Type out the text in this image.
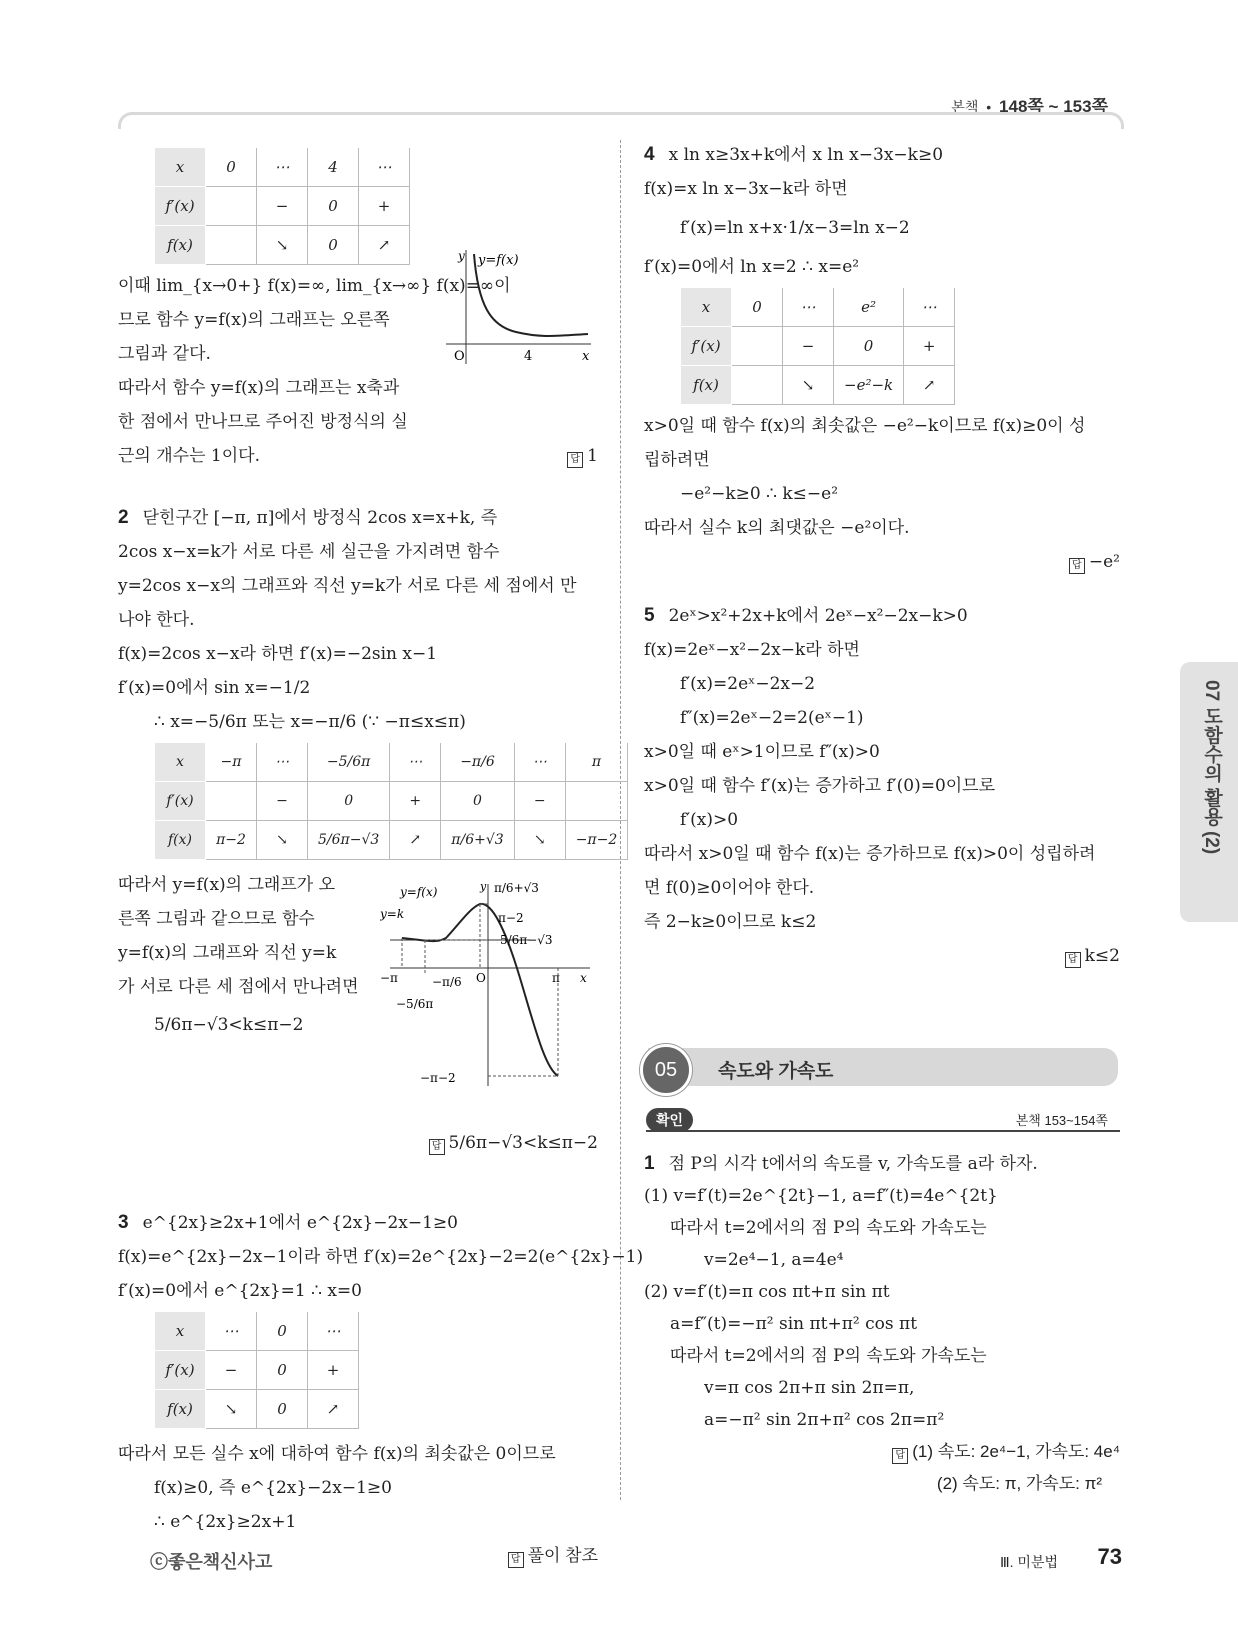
본책 • 148쪽 ~ 153쪽
x	0	⋯	4	⋯
f′(x)		−	0	+
f(x)		↘	0	↗

이때 lim_{x→0+} f(x)=∞, lim_{x→∞} f(x)=∞이

므로 함수 y=f(x)의 그래프는 오른쪽

그림과 같다.

따라서 함수 y=f(x)의 그래프는 x축과

한 점에서 만나므로 주어진 방정식의 실

근의 개수는 1이다.	답 1

2 닫힌구간 [−π, π]에서 방정식 2cos x=x+k, 즉

2cos x−x=k가 서로 다른 세 실근을 가지려면 함수

y=2cos x−x의 그래프와 직선 y=k가 서로 다른 세 점에서 만

나야 한다.

f(x)=2cos x−x라 하면 f′(x)=−2sin x−1

f′(x)=0에서 sin x=−1/2

∴ x=−5/6π 또는 x=−π/6 (∵ −π≤x≤π)

x	−π	⋯	−5/6π	⋯	−π/6	⋯	π
f′(x)		−	0	+	0	−	
f(x)	π−2	↘	5/6π−√3	↗	π/6+√3	↘	−π−2

따라서 y=f(x)의 그래프가 오

른쪽 그림과 같으므로 함수

y=f(x)의 그래프와 직선 y=k

가 서로 다른 세 점에서 만나려면

5/6π−√3<k≤π−2

답 5/6π−√3<k≤π−2

3 e^{2x}≥2x+1에서 e^{2x}−2x−1≥0

f(x)=e^{2x}−2x−1이라 하면 f′(x)=2e^{2x}−2=2(e^{2x}−1)

f′(x)=0에서 e^{2x}=1 ∴ x=0

x	⋯	0	⋯
f′(x)	−	0	+
f(x)	↘	0	↗

따라서 모든 실수 x에 대하여 함수 f(x)의 최솟값은 0이므로

f(x)≥0, 즉 e^{2x}−2x−1≥0

∴ e^{2x}≥2x+1

답 풀이 참조

y y=f(x)
O	4	x
y π/6+√3
y=f(x)
y=k	π−2
5/6π−√3
−π	−π/6 O	π x
−5/6π
−π−2

4 x ln x≥3x+k에서 x ln x−3x−k≥0

f(x)=x ln x−3x−k라 하면

f′(x)=ln x+x·1/x−3=ln x−2

f′(x)=0에서 ln x=2 ∴ x=e²

x	0	⋯	e²	⋯
f′(x)		−	0	+
f(x)		↘	−e²−k	↗

x>0일 때 함수 f(x)의 최솟값은 −e²−k이므로 f(x)≥0이 성

립하려면

−e²−k≥0 ∴ k≤−e²

따라서 실수 k의 최댓값은 −e²이다.

답 −e²

5 2eˣ>x²+2x+k에서 2eˣ−x²−2x−k>0

f(x)=2eˣ−x²−2x−k라 하면

f′(x)=2eˣ−2x−2

f″(x)=2eˣ−2=2(eˣ−1)

x>0일 때 eˣ>1이므로 f″(x)>0

x>0일 때 함수 f′(x)는 증가하고 f′(0)=0이므로

f′(x)>0

따라서 x>0일 때 함수 f(x)는 증가하므로 f(x)>0이 성립하려

면 f(0)≥0이어야 한다.

즉 2−k≥0이므로 k≤2

답 k≤2

07 도함수의 활용 (2)
05	속도와 가속도
확인	본책 153~154쪽

1 점 P의 시각 t에서의 속도를 v, 가속도를 a라 하자.

(1) v=f′(t)=2e^{2t}−1, a=f″(t)=4e^{2t}

따라서 t=2에서의 점 P의 속도와 가속도는

v=2e⁴−1, a=4e⁴

(2) v=f′(t)=π cos πt+π sin πt

a=f″(t)=−π² sin πt+π² cos πt

따라서 t=2에서의 점 P의 속도와 가속도는

v=π cos 2π+π sin 2π=π,

a=−π² sin 2π+π² cos 2π=π²

답 (1) 속도: 2e⁴−1, 가속도: 4e⁴

(2) 속도: π, 가속도: π²

ⓒ좋은책신사고	Ⅲ. 미분법 73
